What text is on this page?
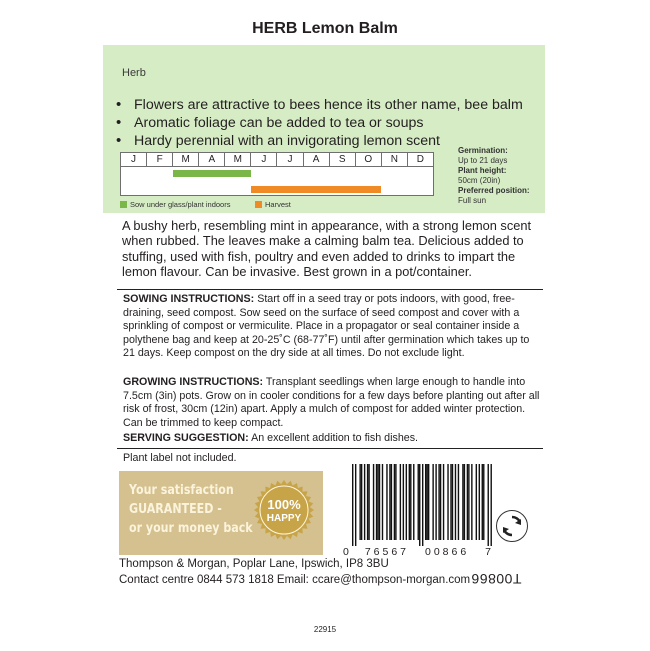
HERB Lemon Balm
Herb
• Flowers are attractive to bees hence its other name, bee balm
• Aromatic foliage can be added to tea or soups
• Hardy perennial with an invigorating lemon scent
J	F	M	A	M	J	J	A	S	O	N	D
Sow under glass/plant indoors	Harvest
Germination:
Up to 21 days
Plant height:
50cm (20in)
Preferred position:
Full sun
A bushy herb, resembling mint in appearance, with a strong lemon scent when rubbed. The leaves make a calming balm tea. Delicious added to stuffing, used with fish, poultry and even added to drinks to impart the lemon flavour. Can be invasive. Best grown in a pot/container.
SOWING INSTRUCTIONS: Start off in a seed tray or pots indoors, with good, free-draining, seed compost. Sow seed on the surface of seed compost and cover with a sprinkling of compost or vermiculite. Place in a propagator or seal container inside a polythene bag and keep at 20-25˚C (68-77˚F) until after germination which takes up to 21 days. Keep compost on the dry side at all times. Do not exclude light.
GROWING INSTRUCTIONS: Transplant seedlings when large enough to handle into 7.5cm (3in) pots. Grow on in cooler conditions for a few days before planting out after all risk of frost, 30cm (12in) apart. Apply a mulch of compost for added winter protection. Can be trimmed to keep compact.
SERVING SUGGESTION: An excellent addition to fish dishes.
Plant label not included.
Your satisfaction
GUARANTEED -
or your money back
100%
HAPPY
0 76567 00866 7
Thompson & Morgan, Poplar Lane, Ipswich, IP8 3BU
Contact centre 0844 573 1818 Email: ccare@thompson-morgan.com T00866
22915
